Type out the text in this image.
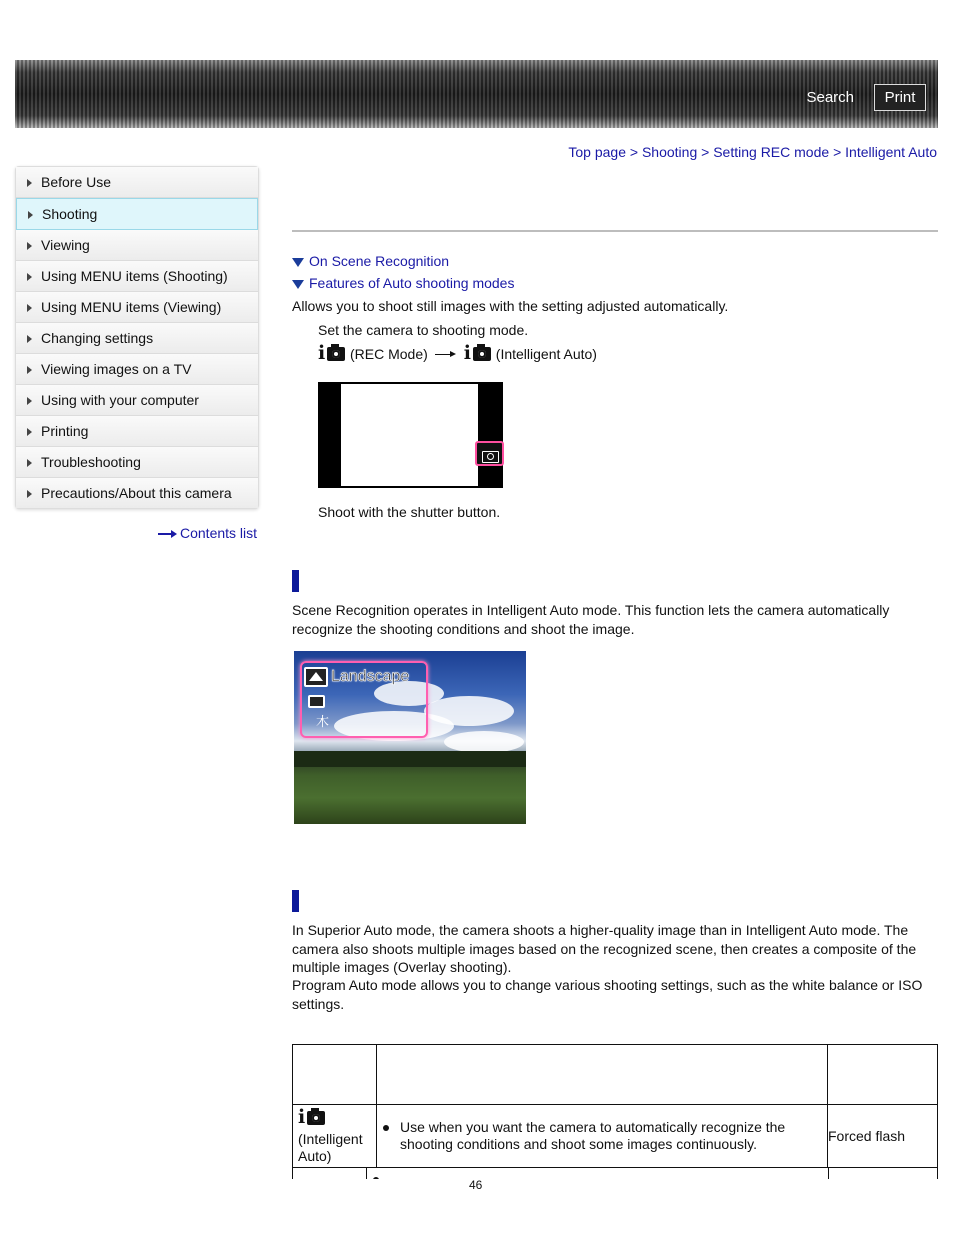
Search	Print
Top page > Shooting > Setting REC mode > Intelligent Auto
Before Use
Shooting
Viewing
Using MENU items (Shooting)
Using MENU items (Viewing)
Changing settings
Viewing images on a TV
Using with your computer
Printing
Troubleshooting
Precautions/About this camera
Contents list
On Scene Recognition
Features of Auto shooting modes
Allows you to shoot still images with the setting adjusted automatically.
Set the camera to shooting mode.
i (REC Mode) i (Intelligent Auto)
Shoot with the shutter button.
Scene Recognition operates in Intelligent Auto mode. This function lets the camera automatically recognize the shooting conditions and shoot the image.
Landscape
⽊
In Superior Auto mode, the camera shoots a higher-quality image than in Intelligent Auto mode. The camera also shoots multiple images based on the recognized scene, then creates a composite of the multiple images (Overlay shooting).
Program Auto mode allows you to change various shooting settings, such as the white balance or ISO settings.

i

(Intelligent Auto)	Use when you want the camera to automatically recognize the shooting conditions and shoot some images continuously.	Forced flash
46
